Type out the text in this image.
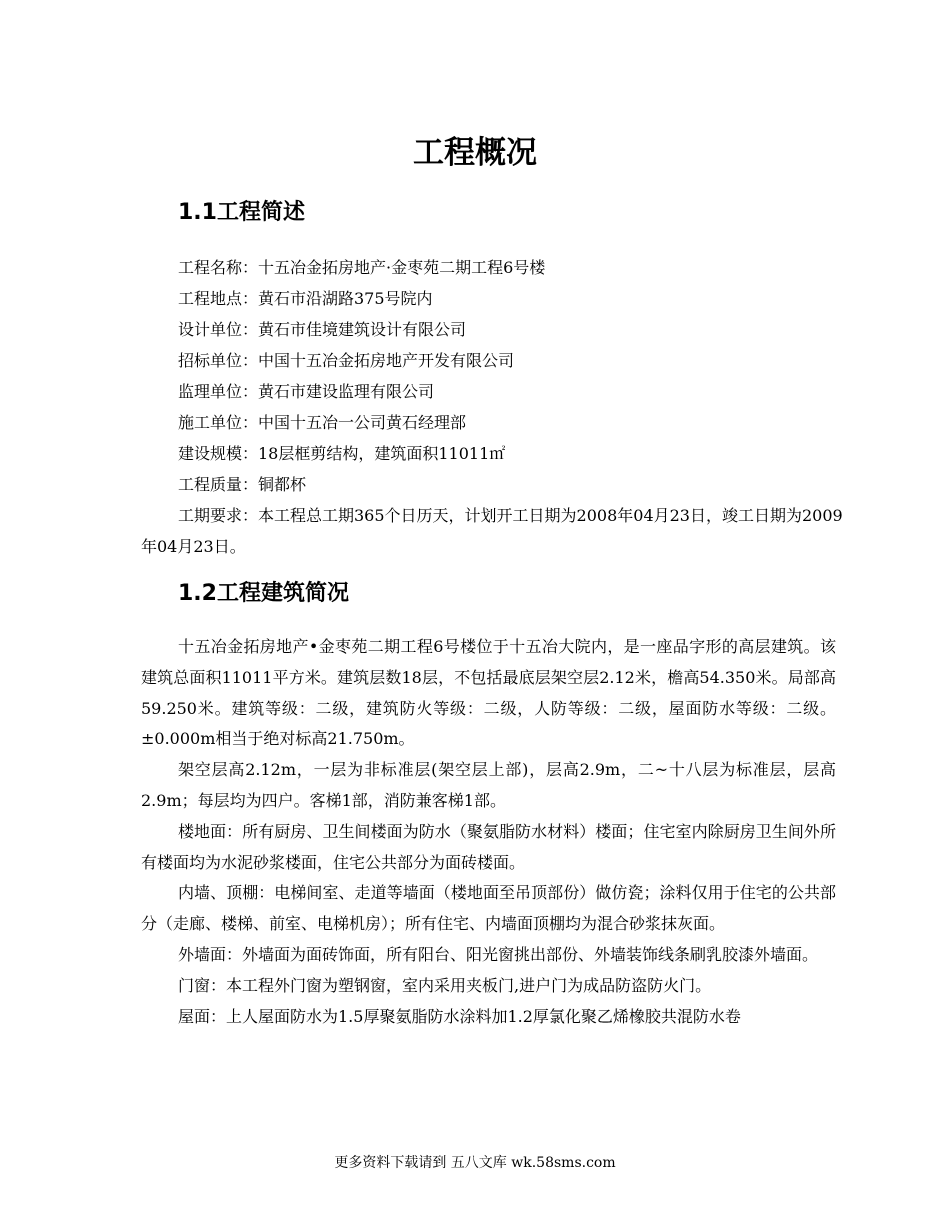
工程概况
1.1工程简述
工程名称：十五冶金拓房地产·金枣苑二期工程6号楼
工程地点：黄石市沿湖路375号院内
设计单位：黄石市佳境建筑设计有限公司
招标单位：中国十五冶金拓房地产开发有限公司
监理单位：黄石市建设监理有限公司
施工单位：中国十五冶一公司黄石经理部
建设规模：18层框剪结构，建筑面积11011㎡
工程质量：铜都杯
工期要求：本工程总工期365个日历天，计划开工日期为2008年04月23日，竣工日期为2009年04月23日。
1.2工程建筑简况

十五冶金拓房地产•金枣苑二期工程6号楼位于十五冶大院内，是一座品字形的高层建筑。该建筑总面积11011平方米。建筑层数18层，不包括最底层架空层2.12米，檐高54.350米。局部高59.250米。建筑等级：二级，建筑防火等级：二级，人防等级：二级，屋面防水等级：二级。±0.000m相当于绝对标高21.750m。

架空层高2.12m，一层为非标准层(架空层上部)，层高2.9m，二~十八层为标准层，层高2.9m；每层均为四户。客梯1部，消防兼客梯1部。

楼地面：所有厨房、卫生间楼面为防水（聚氨脂防水材料）楼面；住宅室内除厨房卫生间外所有楼面均为水泥砂浆楼面，住宅公共部分为面砖楼面。

内墙、顶棚：电梯间室、走道等墙面（楼地面至吊顶部份）做仿瓷；涂料仅用于住宅的公共部分（走廊、楼梯、前室、电梯机房）；所有住宅、内墙面顶棚均为混合砂浆抹灰面。

外墙面：外墙面为面砖饰面，所有阳台、阳光窗挑出部份、外墙装饰线条刷乳胶漆外墙面。

门窗：本工程外门窗为塑钢窗，室内采用夹板门,进户门为成品防盗防火门。

屋面：上人屋面防水为1.5厚聚氨脂防水涂料加1.2厚氯化聚乙烯橡胶共混防水卷

更多资料下载请到 五八文库 wk.58sms.com
